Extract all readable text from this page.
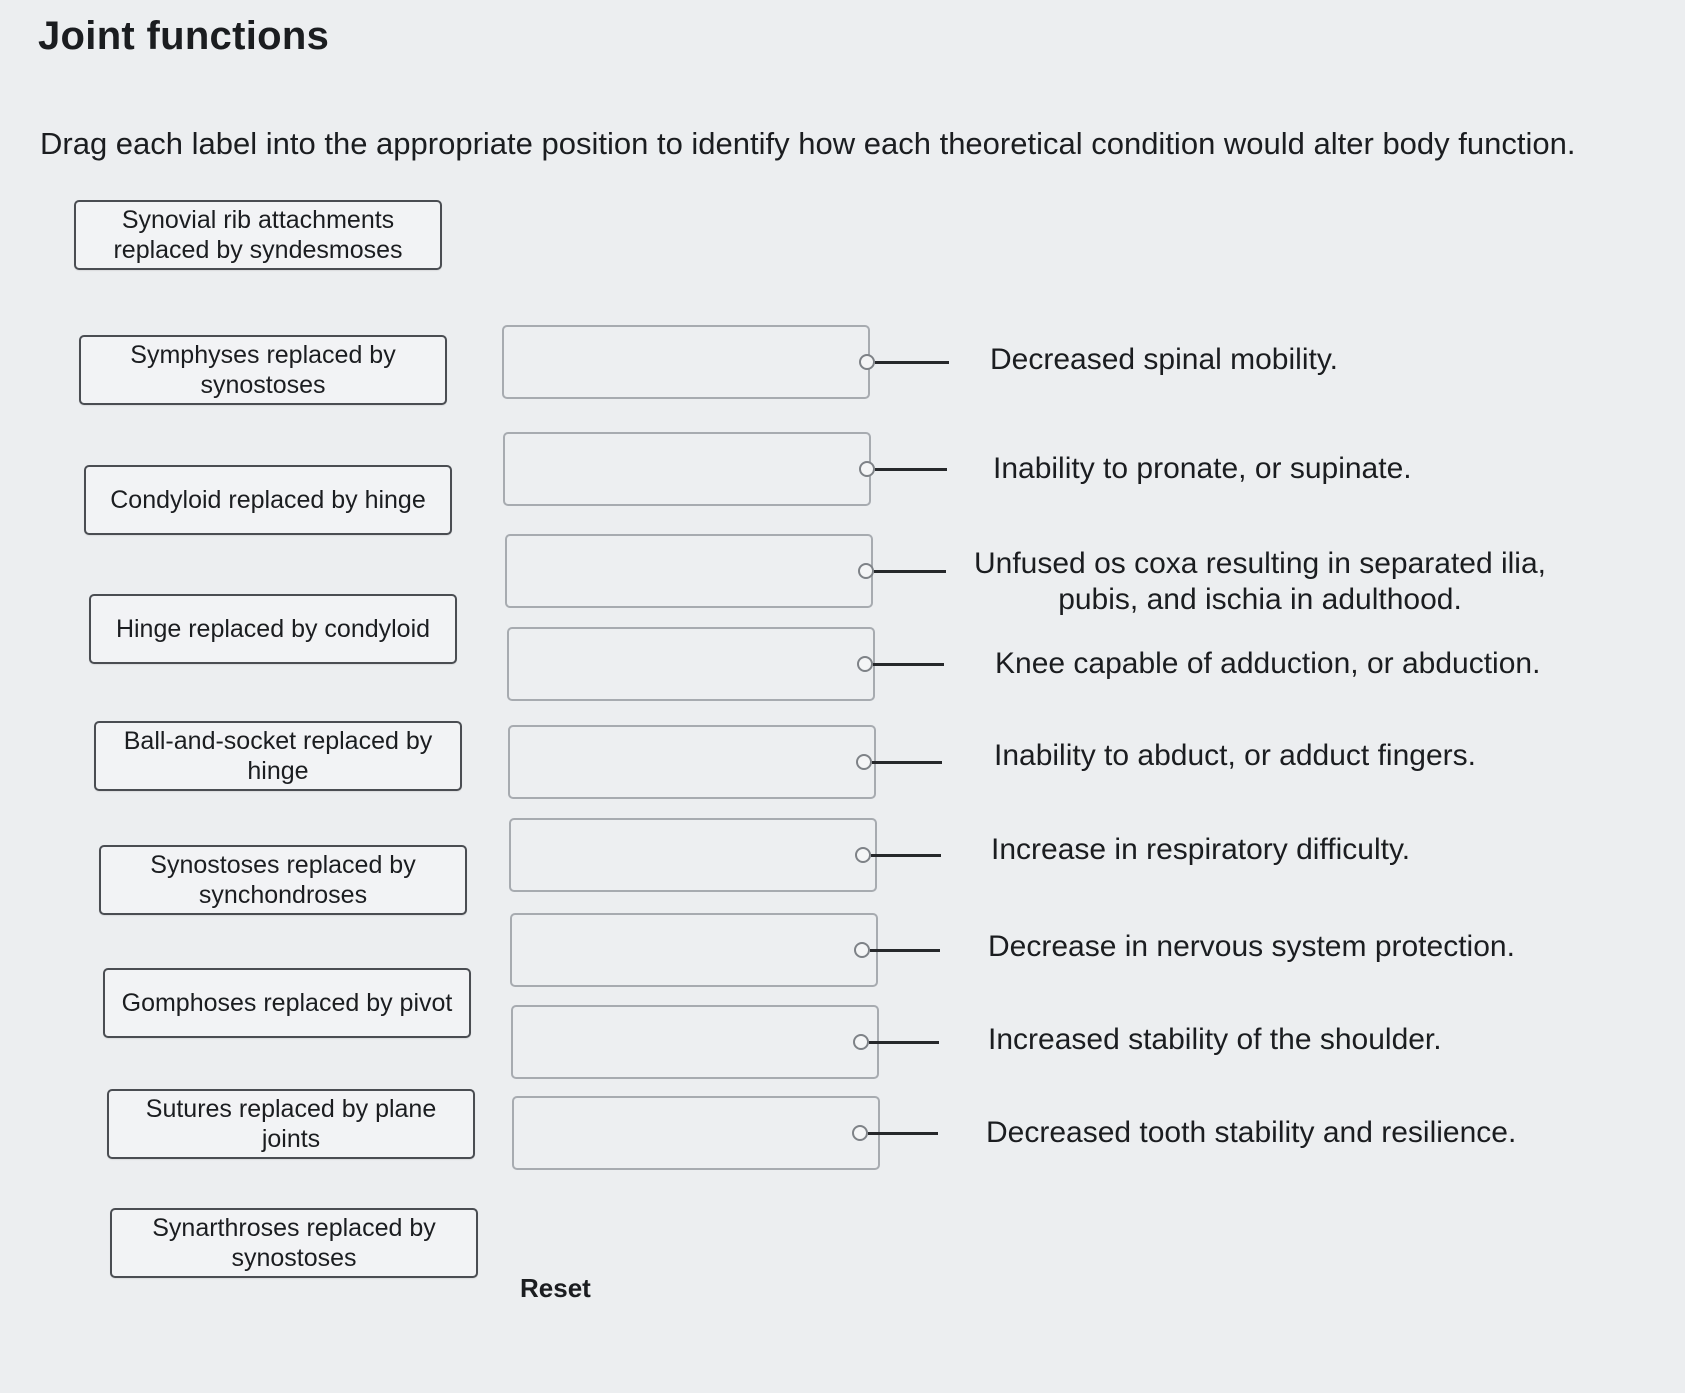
Joint functions
Drag each label into the appropriate position to identify how each theoretical condition would alter body function.
Synovial rib attachments replaced by syndesmoses
Symphyses replaced by synostoses
Condyloid replaced by hinge
Hinge replaced by condyloid
Ball-and-socket replaced by hinge
Synostoses replaced by synchondroses
Gomphoses replaced by pivot
Sutures replaced by plane joints
Synarthroses replaced by synostoses
Decreased spinal mobility.
Inability to pronate, or supinate.
Unfused os coxa resulting in separated ilia, pubis, and ischia in adulthood.
Knee capable of adduction, or abduction.
Inability to abduct, or adduct fingers.
Increase in respiratory difficulty.
Decrease in nervous system protection.
Increased stability of the shoulder.
Decreased tooth stability and resilience.
Reset
